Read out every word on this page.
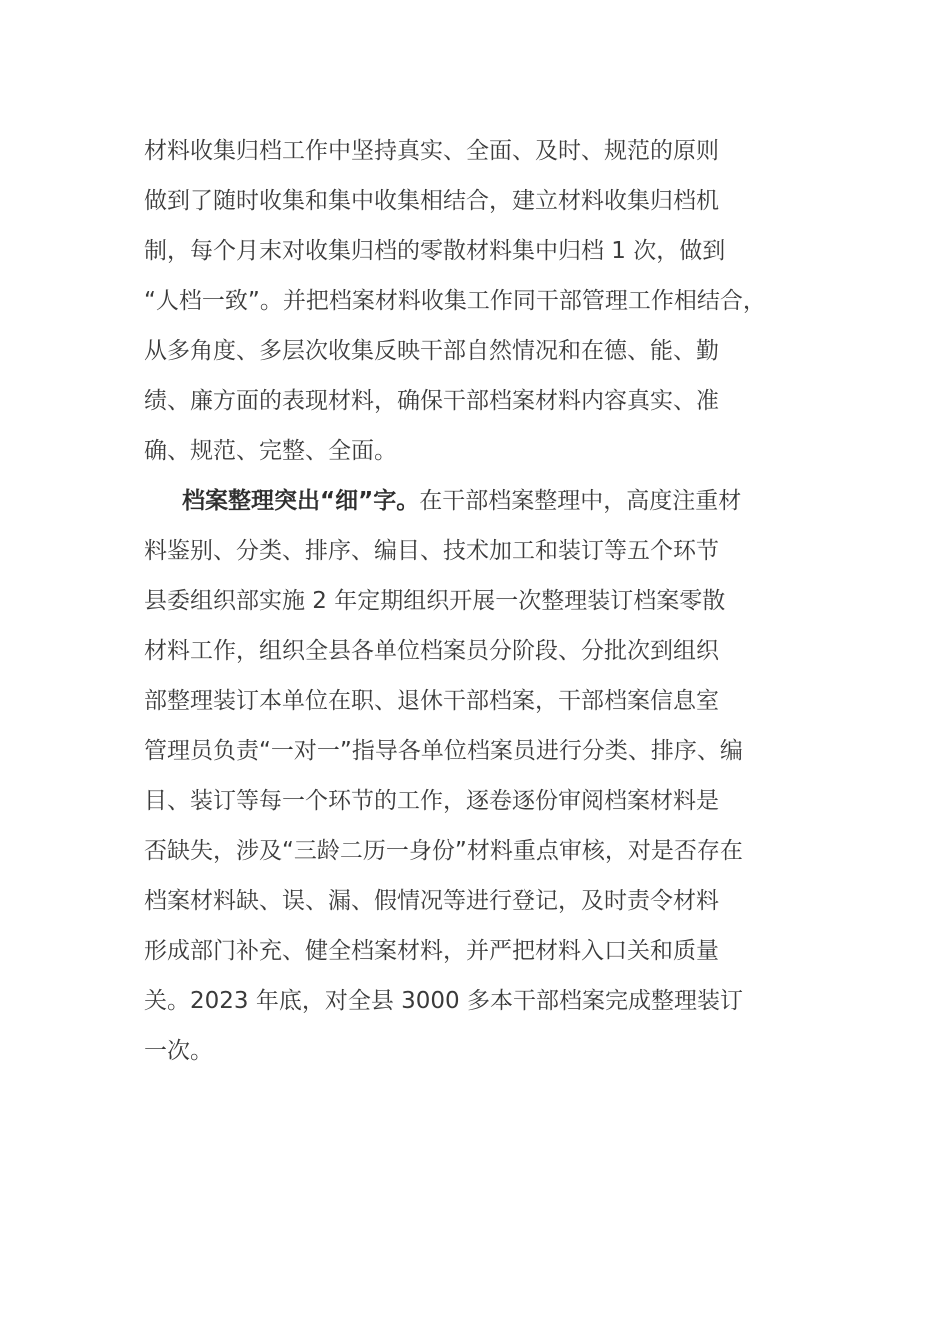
材料收集归档工作中坚持真实、全面、及时、规范的原则
做到了随时收集和集中收集相结合，建立材料收集归档机
制，每个月末对收集归档的零散材料集中归档 1 次，做到
“人档一致”。并把档案材料收集工作同干部管理工作相结合，
从多角度、多层次收集反映干部自然情况和在德、能、勤
绩、廉方面的表现材料，确保干部档案材料内容真实、准
确、规范、完整、全面。
档案整理突出“细”字。在干部档案整理中，高度注重材
料鉴别、分类、排序、编目、技术加工和装订等五个环节
县委组织部实施 2 年定期组织开展一次整理装订档案零散
材料工作，组织全县各单位档案员分阶段、分批次到组织
部整理装订本单位在职、退休干部档案，干部档案信息室
管理员负责“一对一”指导各单位档案员进行分类、排序、编
目、装订等每一个环节的工作，逐卷逐份审阅档案材料是
否缺失，涉及“三龄二历一身份”材料重点审核，对是否存在
档案材料缺、误、漏、假情况等进行登记，及时责令材料
形成部门补充、健全档案材料，并严把材料入口关和质量
关。2023 年底，对全县 3000 多本干部档案完成整理装订
一次。
